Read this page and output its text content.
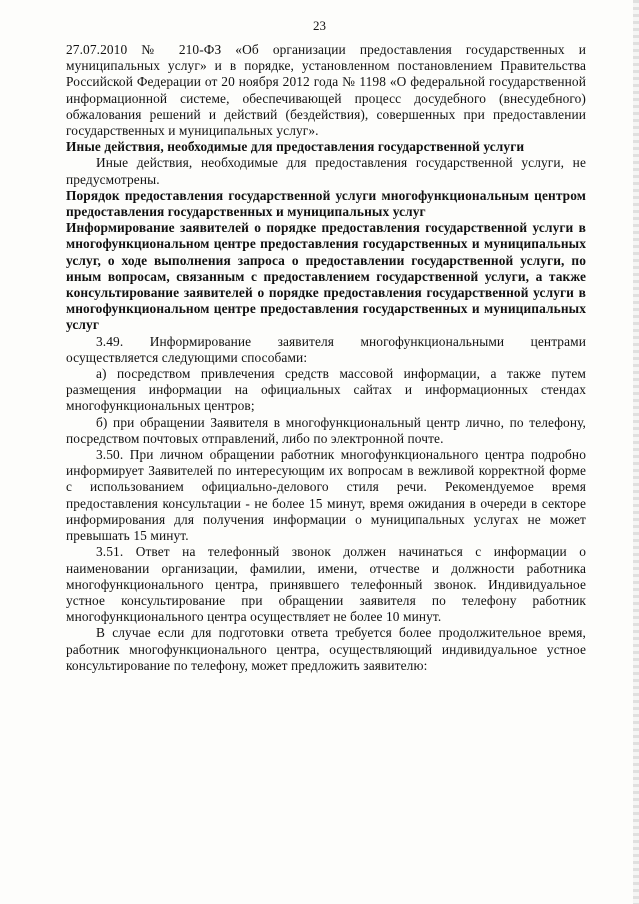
23

27.07.2010 № 210-ФЗ «Об организации предоставления государственных и муниципальных услуг» и в порядке, установленном постановлением Правительства Российской Федерации от 20 ноября 2012 года № 1198 «О федеральной государственной информационной системе, обеспечивающей процесс досудебного (внесудебного) обжалования решений и действий (бездействия), совершенных при предоставлении государственных и муниципальных услуг».

Иные действия, необходимые для предоставления государственной услуги

Иные действия, необходимые для предоставления государственной услуги, не предусмотрены.

Порядок предоставления государственной услуги многофункциональным центром предоставления государственных и муниципальных услуг

Информирование заявителей о порядке предоставления государственной услуги в многофункциональном центре предоставления государственных и муниципальных услуг, о ходе выполнения запроса о предоставлении государственной услуги, по иным вопросам, связанным с предоставлением государственной услуги, а также консультирование заявителей о порядке предоставления государственной услуги в многофункциональном центре предоставления государственных и муниципальных услуг

3.49. Информирование заявителя многофункциональными центрами осуществляется следующими способами:

а) посредством привлечения средств массовой информации, а также путем размещения информации на официальных сайтах и информационных стендах многофункциональных центров;

б) при обращении Заявителя в многофункциональный центр лично, по телефону, посредством почтовых отправлений, либо по электронной почте.

3.50. При личном обращении работник многофункционального центра подробно информирует Заявителей по интересующим их вопросам в вежливой корректной форме с использованием официально-делового стиля речи. Рекомендуемое время предоставления консультации - не более 15 минут, время ожидания в очереди в секторе информирования для получения информации о муниципальных услугах не может превышать 15 минут.

3.51. Ответ на телефонный звонок должен начинаться с информации о наименовании организации, фамилии, имени, отчестве и должности работника многофункционального центра, принявшего телефонный звонок. Индивидуальное устное консультирование при обращении заявителя по телефону работник многофункционального центра осуществляет не более 10 минут.

В случае если для подготовки ответа требуется более продолжительное время, работник многофункционального центра, осуществляющий индивидуальное устное консультирование по телефону, может предложить заявителю:
